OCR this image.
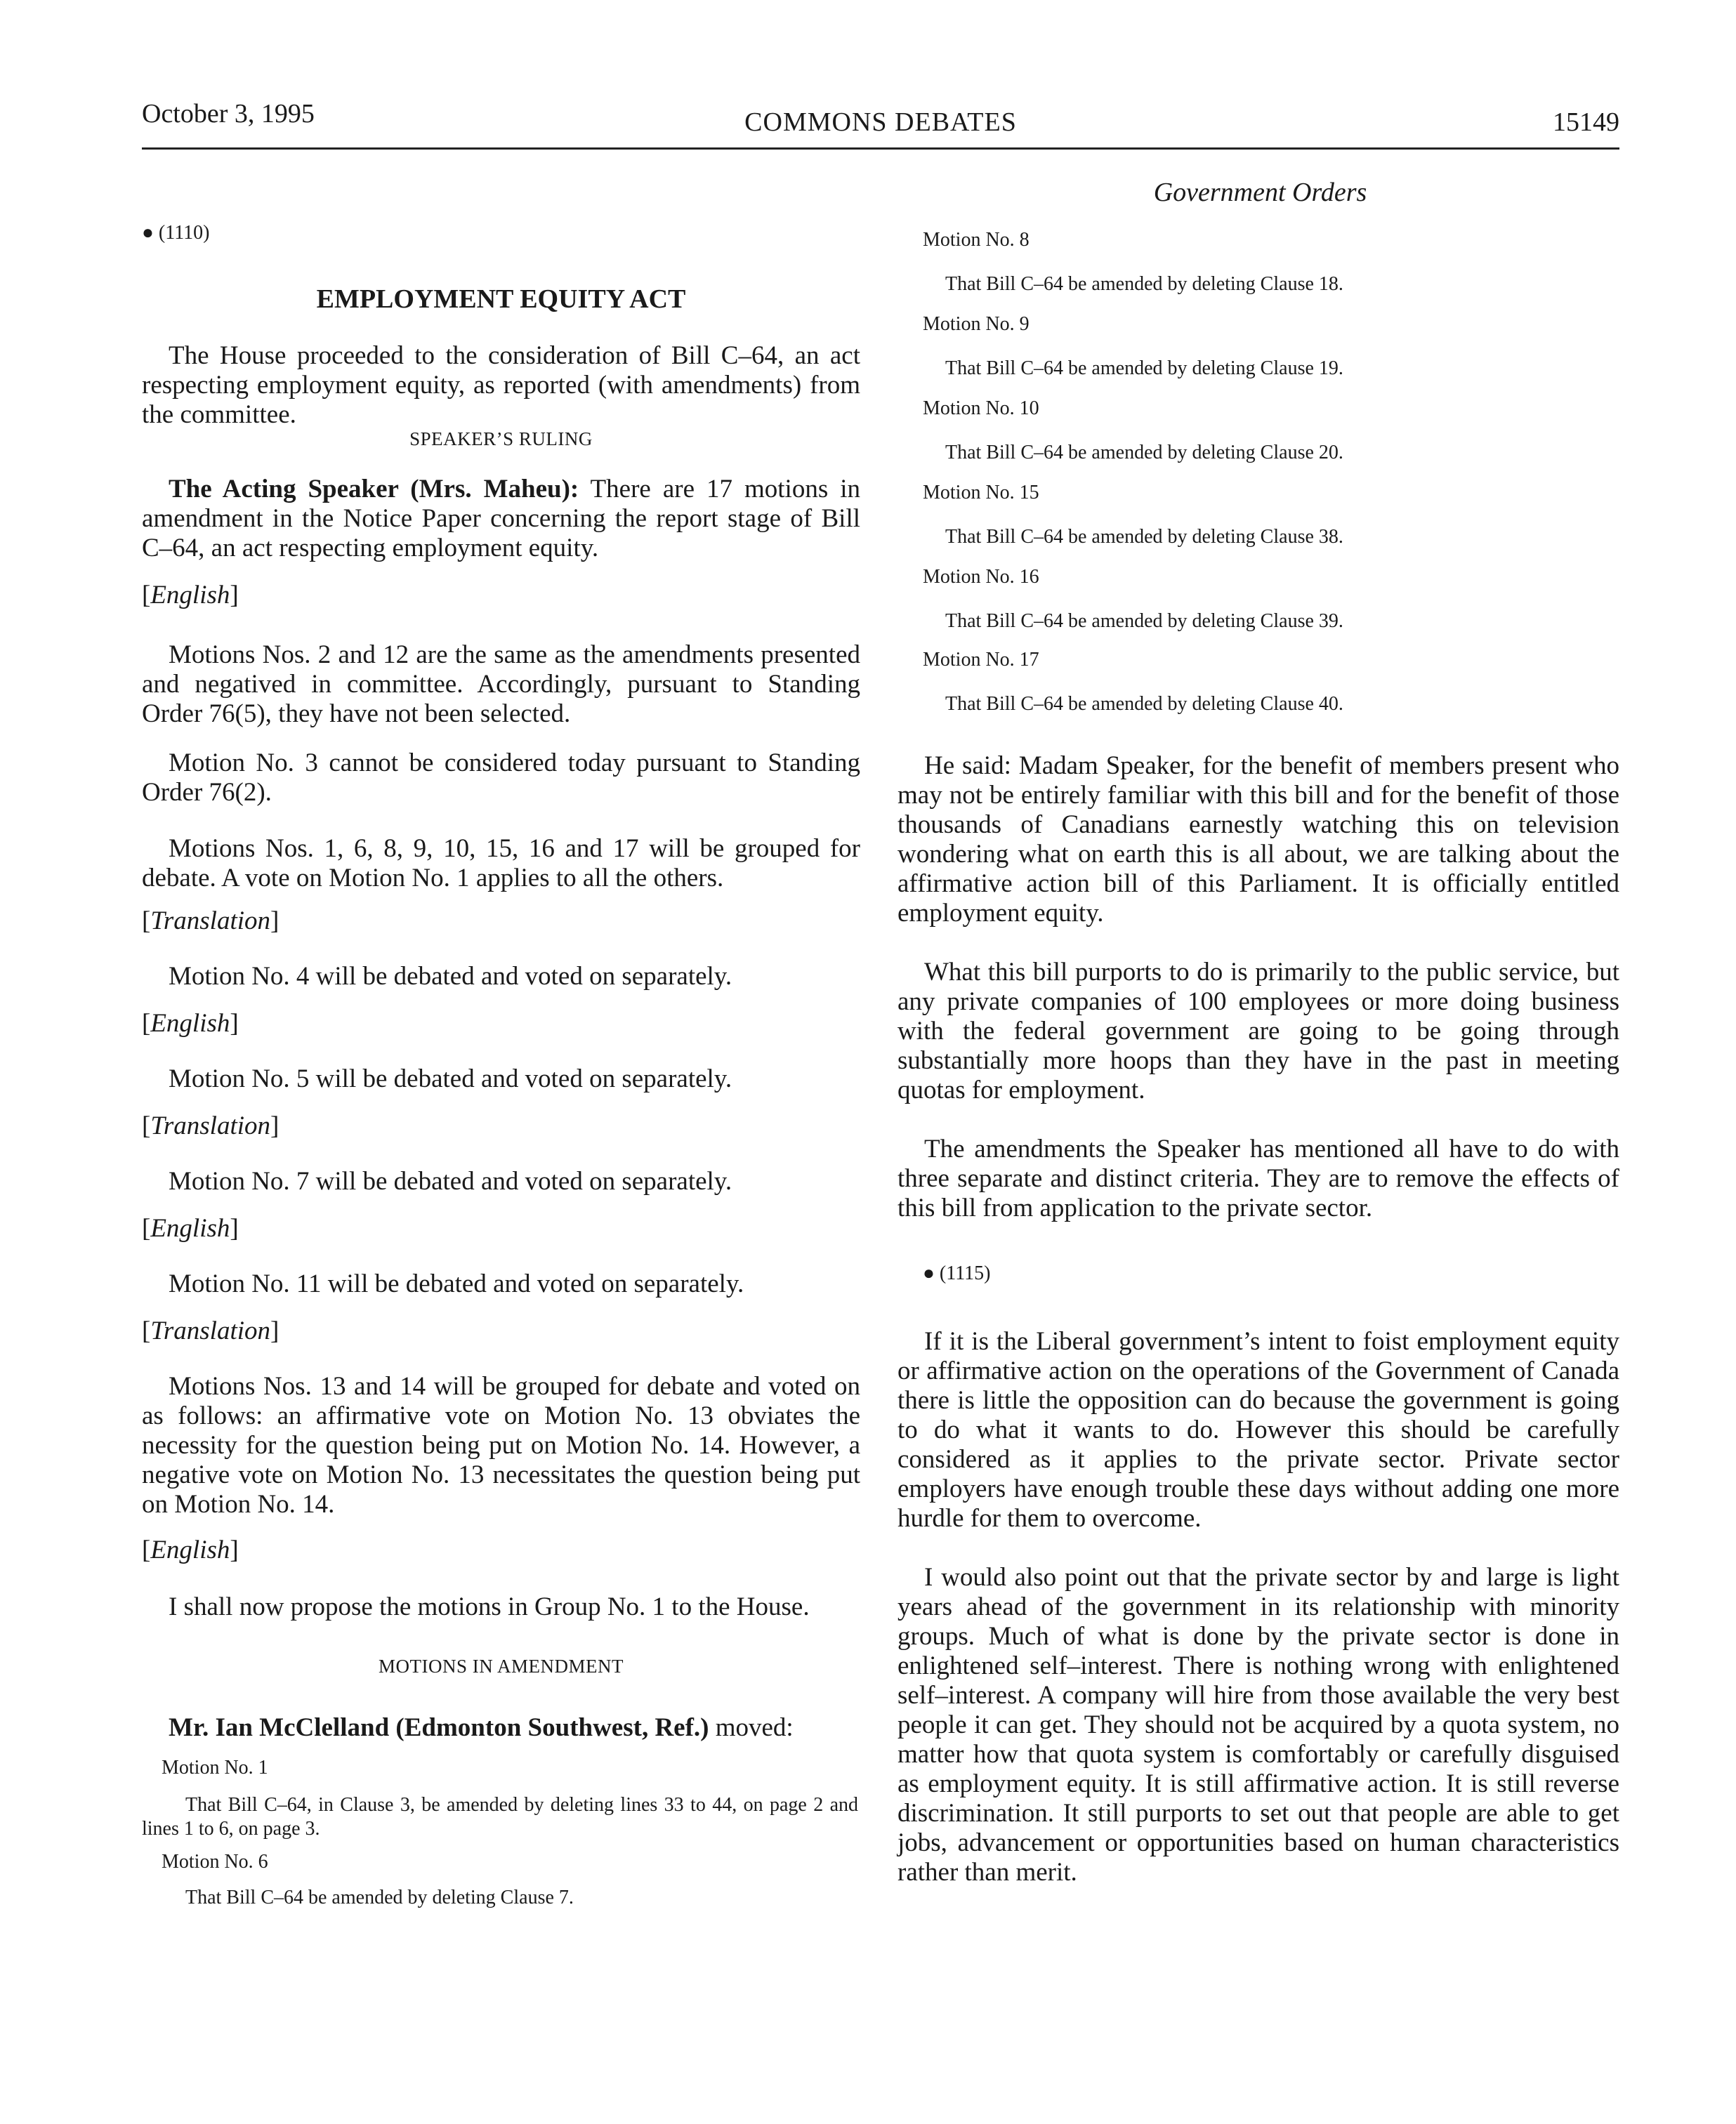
October 3, 1995	COMMONS DEBATES	15149
Government Orders
● (1110)
EMPLOYMENT EQUITY ACT

The House proceeded to the consideration of Bill C–64, an act respecting employment equity, as reported (with amendments) from the committee.

SPEAKER’S RULING

The Acting Speaker (Mrs. Maheu): There are 17 motions in amendment in the Notice Paper concerning the report stage of Bill C–64, an act respecting employment equity.

[English]

Motions Nos. 2 and 12 are the same as the amendments presented and negatived in committee. Accordingly, pursuant to Standing Order 76(5), they have not been selected.

Motion No. 3 cannot be considered today pursuant to Standing Order 76(2).

Motions Nos. 1, 6, 8, 9, 10, 15, 16 and 17 will be grouped for debate. A vote on Motion No. 1 applies to all the others.

[Translation]

Motion No. 4 will be debated and voted on separately.

[English]

Motion No. 5 will be debated and voted on separately.

[Translation]

Motion No. 7 will be debated and voted on separately.

[English]

Motion No. 11 will be debated and voted on separately.

[Translation]

Motions Nos. 13 and 14 will be grouped for debate and voted on as follows: an affirmative vote on Motion No. 13 obviates the necessity for the question being put on Motion No. 14. However, a negative vote on Motion No. 13 necessitates the question being put on Motion No. 14.

[English]

I shall now propose the motions in Group No. 1 to the House.

MOTIONS IN AMENDMENT

Mr. Ian McClelland (Edmonton Southwest, Ref.) moved:

Motion No. 1

That Bill C–64, in Clause 3, be amended by deleting lines 33 to 44, on page 2 and lines 1 to 6, on page 3.

Motion No. 6

That Bill C–64 be amended by deleting Clause 7.

Motion No. 8

That Bill C–64 be amended by deleting Clause 18.

Motion No. 9

That Bill C–64 be amended by deleting Clause 19.

Motion No. 10

That Bill C–64 be amended by deleting Clause 20.

Motion No. 15

That Bill C–64 be amended by deleting Clause 38.

Motion No. 16

That Bill C–64 be amended by deleting Clause 39.

Motion No. 17

That Bill C–64 be amended by deleting Clause 40.

He said: Madam Speaker, for the benefit of members present who may not be entirely familiar with this bill and for the benefit of those thousands of Canadians earnestly watching this on television wondering what on earth this is all about, we are talking about the affirmative action bill of this Parliament. It is officially entitled employment equity.

What this bill purports to do is primarily to the public service, but any private companies of 100 employees or more doing business with the federal government are going to be going through substantially more hoops than they have in the past in meeting quotas for employment.

The amendments the Speaker has mentioned all have to do with three separate and distinct criteria. They are to remove the effects of this bill from application to the private sector.

● (1115)

If it is the Liberal government’s intent to foist employment equity or affirmative action on the operations of the Government of Canada there is little the opposition can do because the government is going to do what it wants to do. However this should be carefully considered as it applies to the private sector. Private sector employers have enough trouble these days without adding one more hurdle for them to overcome.

I would also point out that the private sector by and large is light years ahead of the government in its relationship with minority groups. Much of what is done by the private sector is done in enlightened self–interest. There is nothing wrong with enlightened self–interest. A company will hire from those available the very best people it can get. They should not be acquired by a quota system, no matter how that quota system is comfortably or carefully disguised as employment equity. It is still affirmative action. It is still reverse discrimination. It still purports to set out that people are able to get jobs, advancement or opportunities based on human characteristics rather than merit.
